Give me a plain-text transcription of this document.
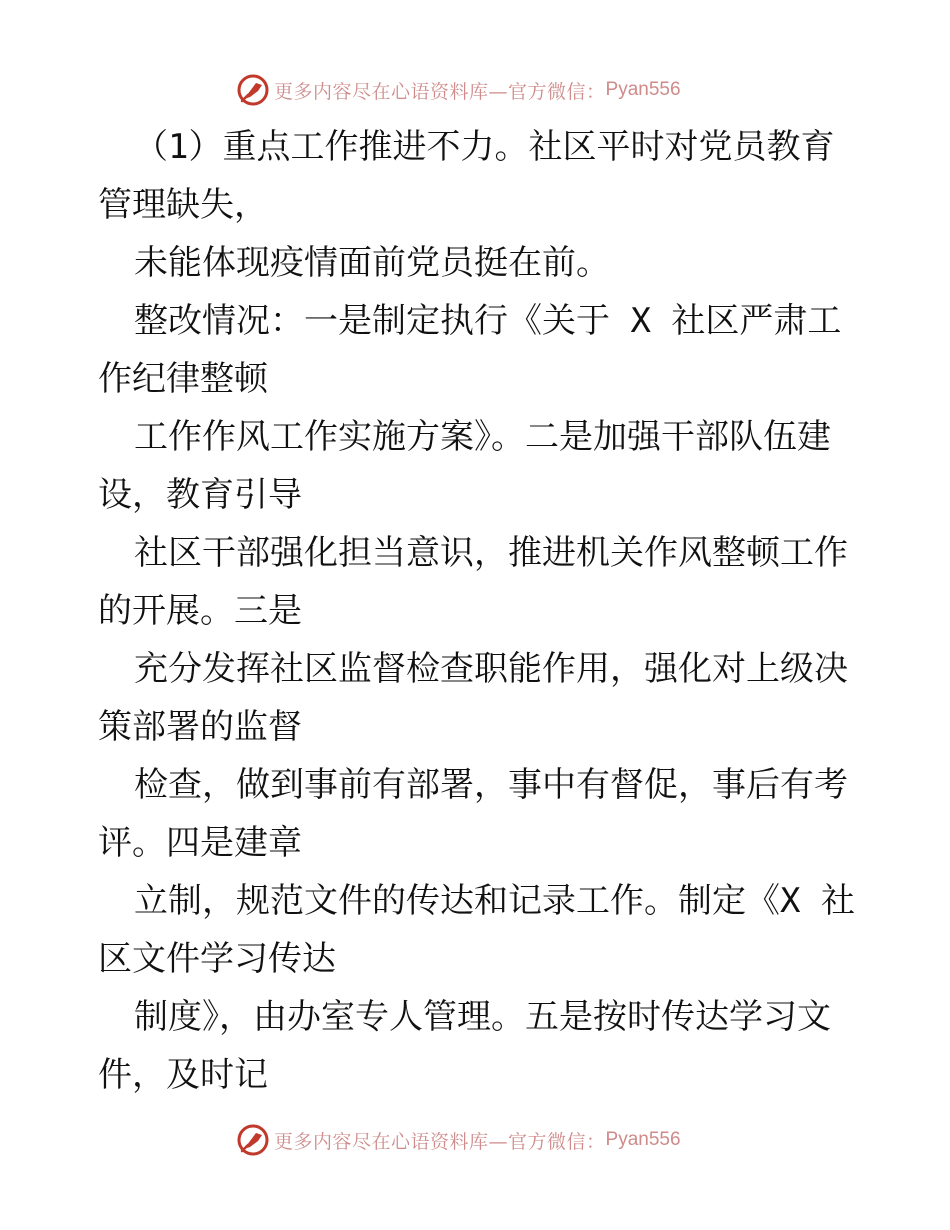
更多内容尽在心语资料库—官方微信： Pyan556
（1）重点工作推进不力。社区平时对党员教育
管理缺失，
未能体现疫情面前党员挺在前。
整改情况：一是制定执行《关于 X 社区严肃工
作纪律整顿
工作作风工作实施方案》。二是加强干部队伍建
设，教育引导
社区干部强化担当意识，推进机关作风整顿工作
的开展。三是
充分发挥社区监督检查职能作用，强化对上级决
策部署的监督
检查，做到事前有部署，事中有督促，事后有考
评。四是建章
立制，规范文件的传达和记录工作。制定《X 社
区文件学习传达
制度》，由办室专人管理。五是按时传达学习文
件，及时记
更多内容尽在心语资料库—官方微信： Pyan556
